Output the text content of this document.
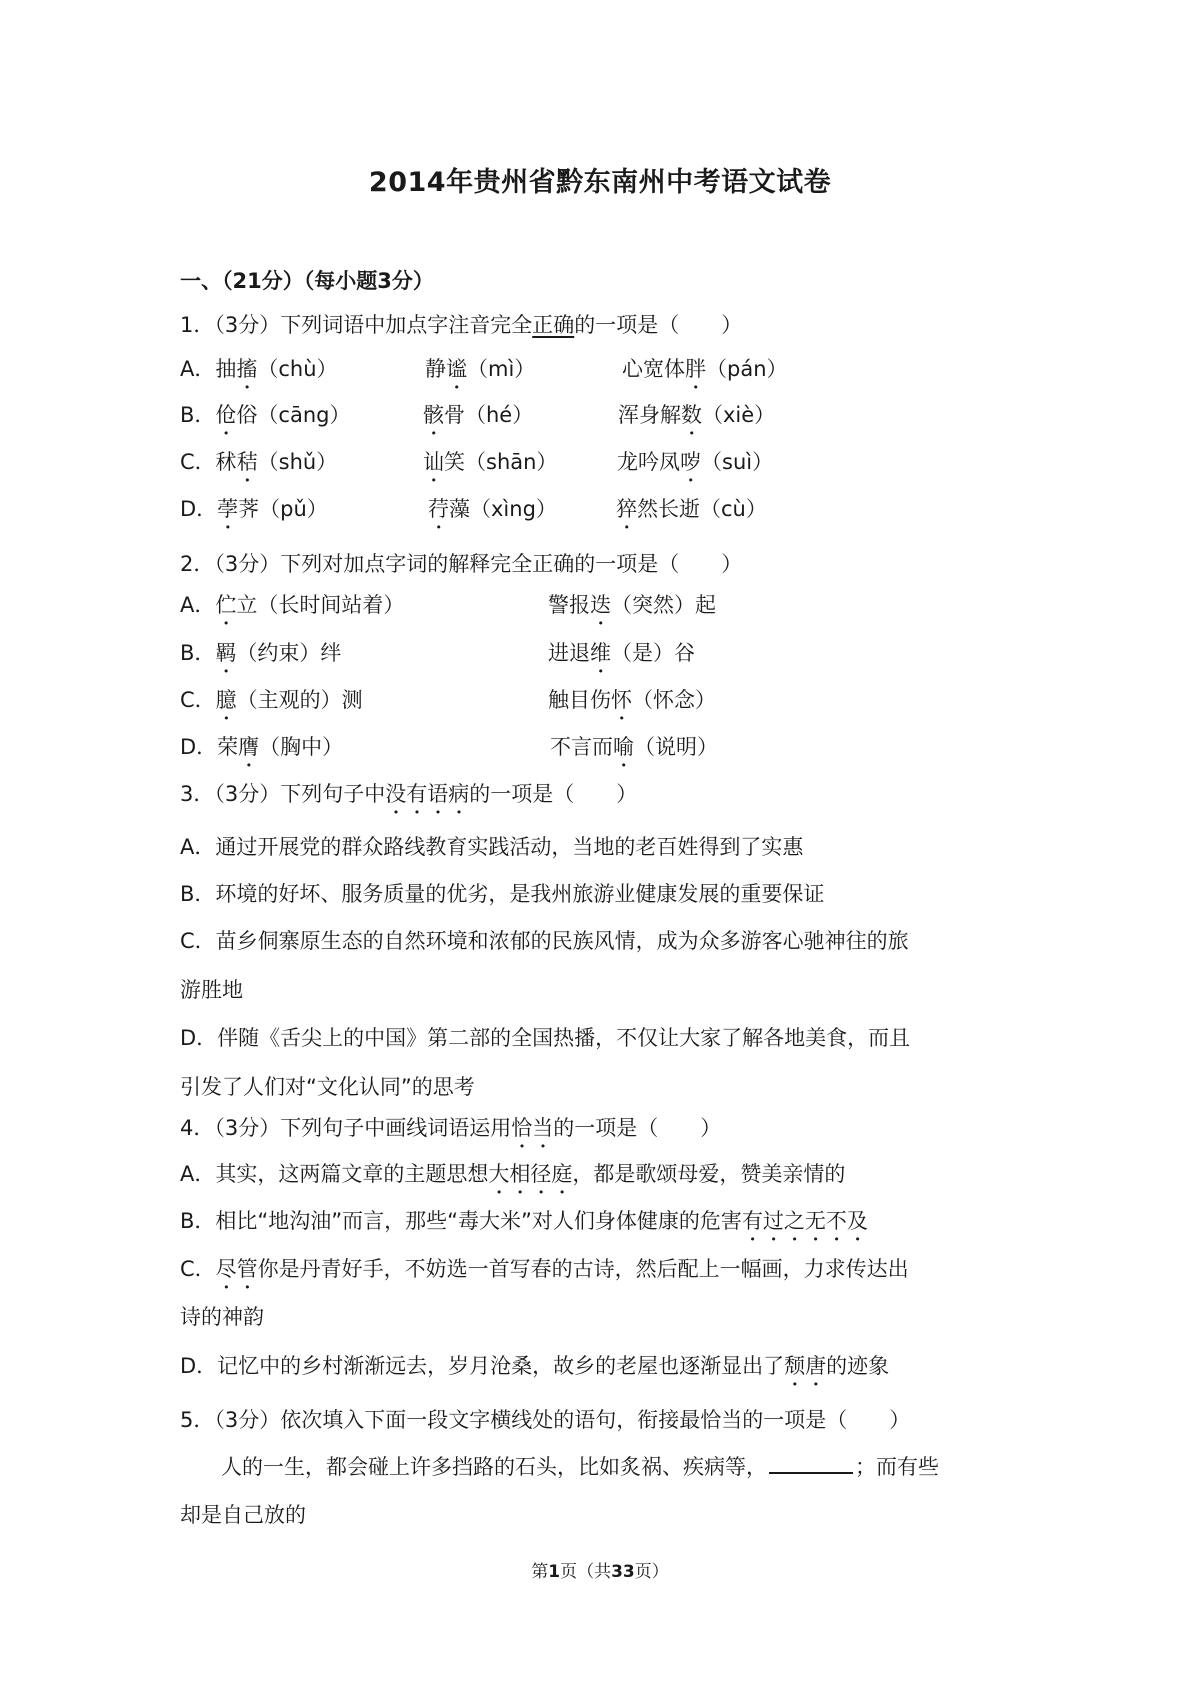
2014年贵州省黔东南州中考语文试卷
一、（21分）（每小题3分）
1．（3分）下列词语中加点字注音完全正确的一项是（　　）
A．抽搐（chù）	静谧（mì）	心宽体胖（pán）
B．伧俗（cāng）	骸骨（hé）	浑身解数（xiè）
C．秫秸（shǔ）	讪笑（shān）	龙吟凤哕（suì）
D．荸荠（pǔ）	荇藻（xìng）	猝然长逝（cù）
2．（3分）下列对加点字词的解释完全正确的一项是（　　）
A．伫立（长时间站着）	警报迭（突然）起
B．羁（约束）绊	进退维（是）谷
C．臆（主观的）测	触目伤怀（怀念）
D．荣膺（胸中）	不言而喻（说明）
3．（3分）下列句子中没有语病的一项是（　　）
A．通过开展党的群众路线教育实践活动，当地的老百姓得到了实惠
B．环境的好坏、服务质量的优劣，是我州旅游业健康发展的重要保证
C．苗乡侗寨原生态的自然环境和浓郁的民族风情，成为众多游客心驰神往的旅
游胜地
D．伴随《舌尖上的中国》第二部的全国热播，不仅让大家了解各地美食，而且
引发了人们对“文化认同”的思考
4．（3分）下列句子中画线词语运用恰当的一项是（　　）
A．其实，这两篇文章的主题思想大相径庭，都是歌颂母爱，赞美亲情的
B．相比“地沟油”而言，那些“毒大米”对人们身体健康的危害有过之无不及
C．尽管你是丹青好手，不妨选一首写春的古诗，然后配上一幅画，力求传达出
诗的神韵
D．记忆中的乡村渐渐远去，岁月沧桑，故乡的老屋也逐渐显出了颓唐的迹象
5．（3分）依次填入下面一段文字横线处的语句，衔接最恰当的一项是（　　）
人的一生，都会碰上许多挡路的石头，比如炙祸、疾病等，	；而有些
却是自己放的
第1页（共33页）
